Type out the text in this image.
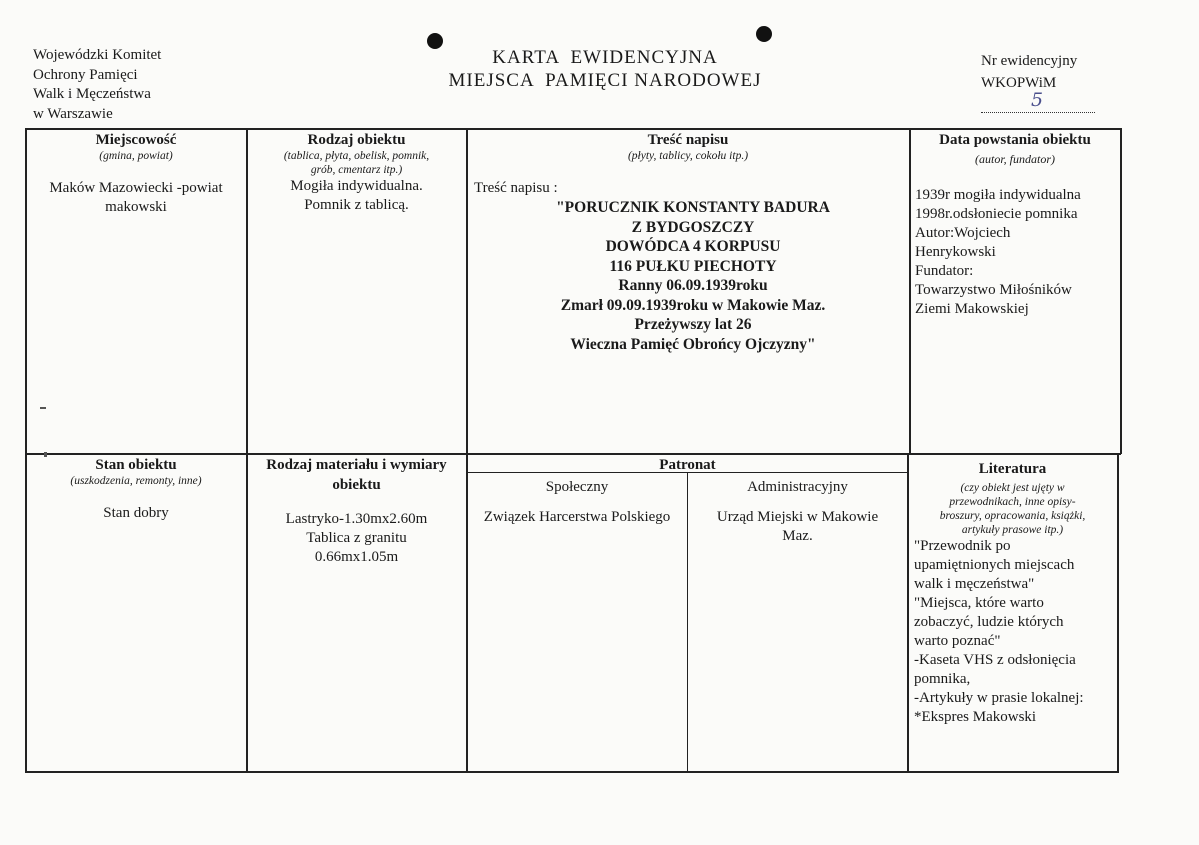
Wojewódzki Komitet
Ochrony Pamięci
Walk i Męczeństwa
w Warszawie
KARTA  EWIDENCYJNA
MIEJSCA  PAMIĘCI NARODOWEJ
Nr ewidencyjny
WKOPWiM
5
Miejscowość
(gmina, powiat)
Maków Mazowiecki -powiat
makowski
Rodzaj obiektu
(tablica, płyta, obelisk, pomnik,
grób, cmentarz itp.)
Mogiła indywidualna.
Pomnik z tablicą.
Treść napisu
(płyty, tablicy, cokołu itp.)
Treść napisu :
"PORUCZNIK KONSTANTY BADURA
Z BYDGOSZCZY
DOWÓDCA 4 KORPUSU
116 PUŁKU PIECHOTY
Ranny 06.09.1939roku
Zmarł 09.09.1939roku w Makowie Maz.
Przeżywszy lat 26
Wieczna Pamięć Obrońcy Ojczyzny"
Data powstania obiektu
(autor, fundator)
1939r mogiła indywidualna
1998r.odsłoniecie pomnika
Autor:Wojciech
Henrykowski
Fundator:
Towarzystwo Miłośników
Ziemi Makowskiej
Stan obiektu
(uszkodzenia, remonty, inne)
Stan dobry
Rodzaj materiału i wymiary
obiektu
Lastryko-1.30mx2.60m
Tablica z granitu
0.66mx1.05m
Patronat
Społeczny
Związek Harcerstwa Polskiego
Administracyjny
Urząd Miejski w Makowie
Maz.
Literatura
(czy obiekt jest ujęty w
przewodnikach, inne opisy-
broszury, opracowania, książki,
artykuły prasowe itp.)
"Przewodnik po
upamiętnionych miejscach
walk i męczeństwa"
"Miejsca, które warto
zobaczyć, ludzie których
warto poznać"
-Kaseta VHS z odsłonięcia
pomnika,
-Artykuły w prasie lokalnej:
*Ekspres Makowski
